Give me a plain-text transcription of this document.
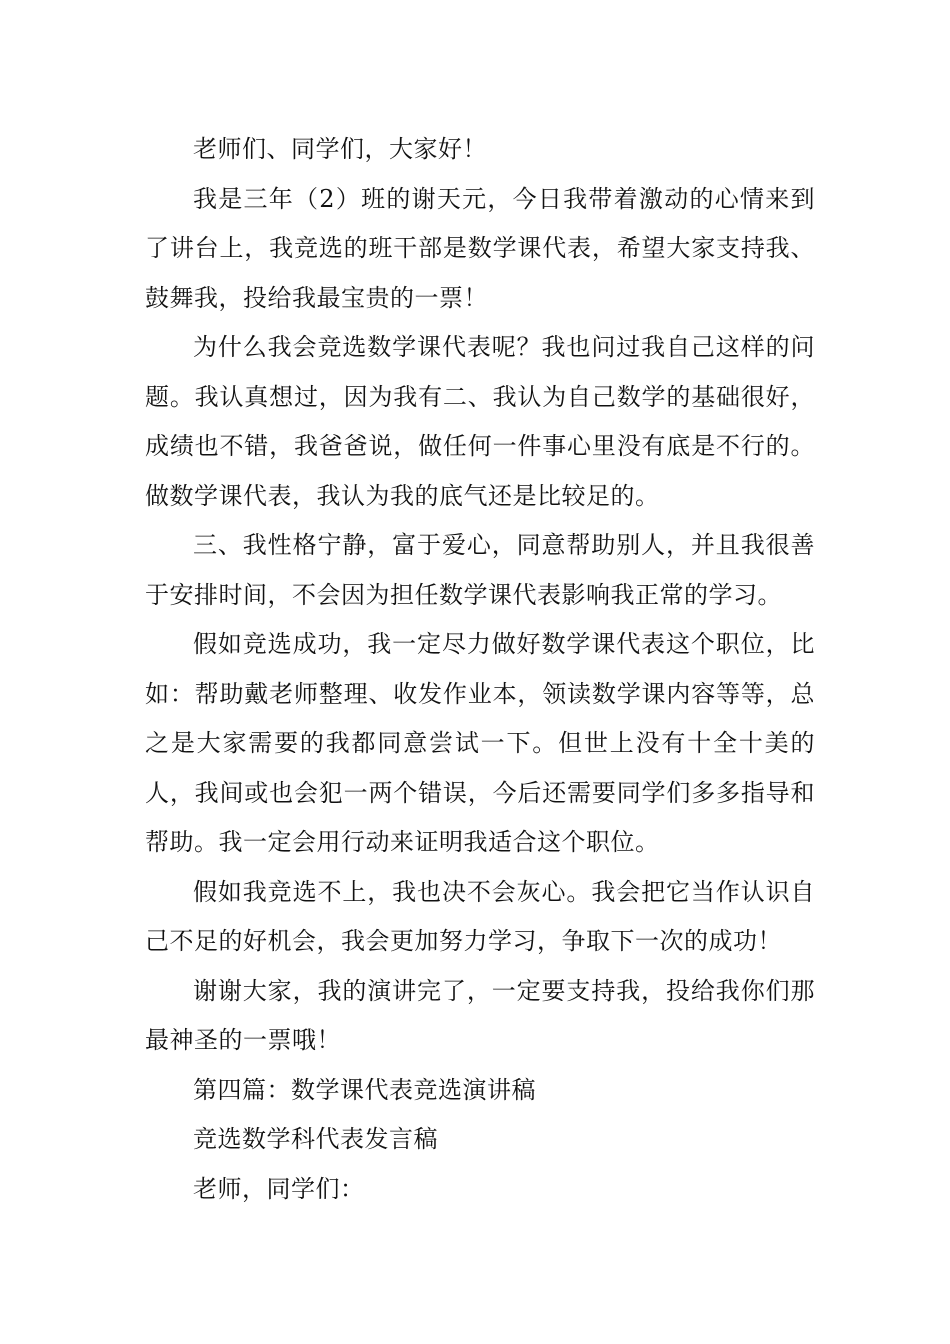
老师们、同学们，大家好！

我是三年（2）班的谢天元，今日我带着激动的心情来到了讲台上，我竞选的班干部是数学课代表，希望大家支持我、鼓舞我，投给我最宝贵的一票！

为什么我会竞选数学课代表呢？我也问过我自己这样的问题。我认真想过，因为我有二、我认为自己数学的基础很好，成绩也不错，我爸爸说，做任何一件事心里没有底是不行的。做数学课代表，我认为我的底气还是比较足的。

三、我性格宁静，富于爱心，同意帮助别人，并且我很善于安排时间，不会因为担任数学课代表影响我正常的学习。

假如竞选成功，我一定尽力做好数学课代表这个职位，比如：帮助戴老师整理、收发作业本，领读数学课内容等等，总之是大家需要的我都同意尝试一下。但世上没有十全十美的人，我间或也会犯一两个错误，今后还需要同学们多多指导和帮助。我一定会用行动来证明我适合这个职位。

假如我竞选不上，我也决不会灰心。我会把它当作认识自己不足的好机会，我会更加努力学习，争取下一次的成功！

谢谢大家，我的演讲完了，一定要支持我，投给我你们那最神圣的一票哦！

第四篇：数学课代表竞选演讲稿

竞选数学科代表发言稿

老师，同学们：
